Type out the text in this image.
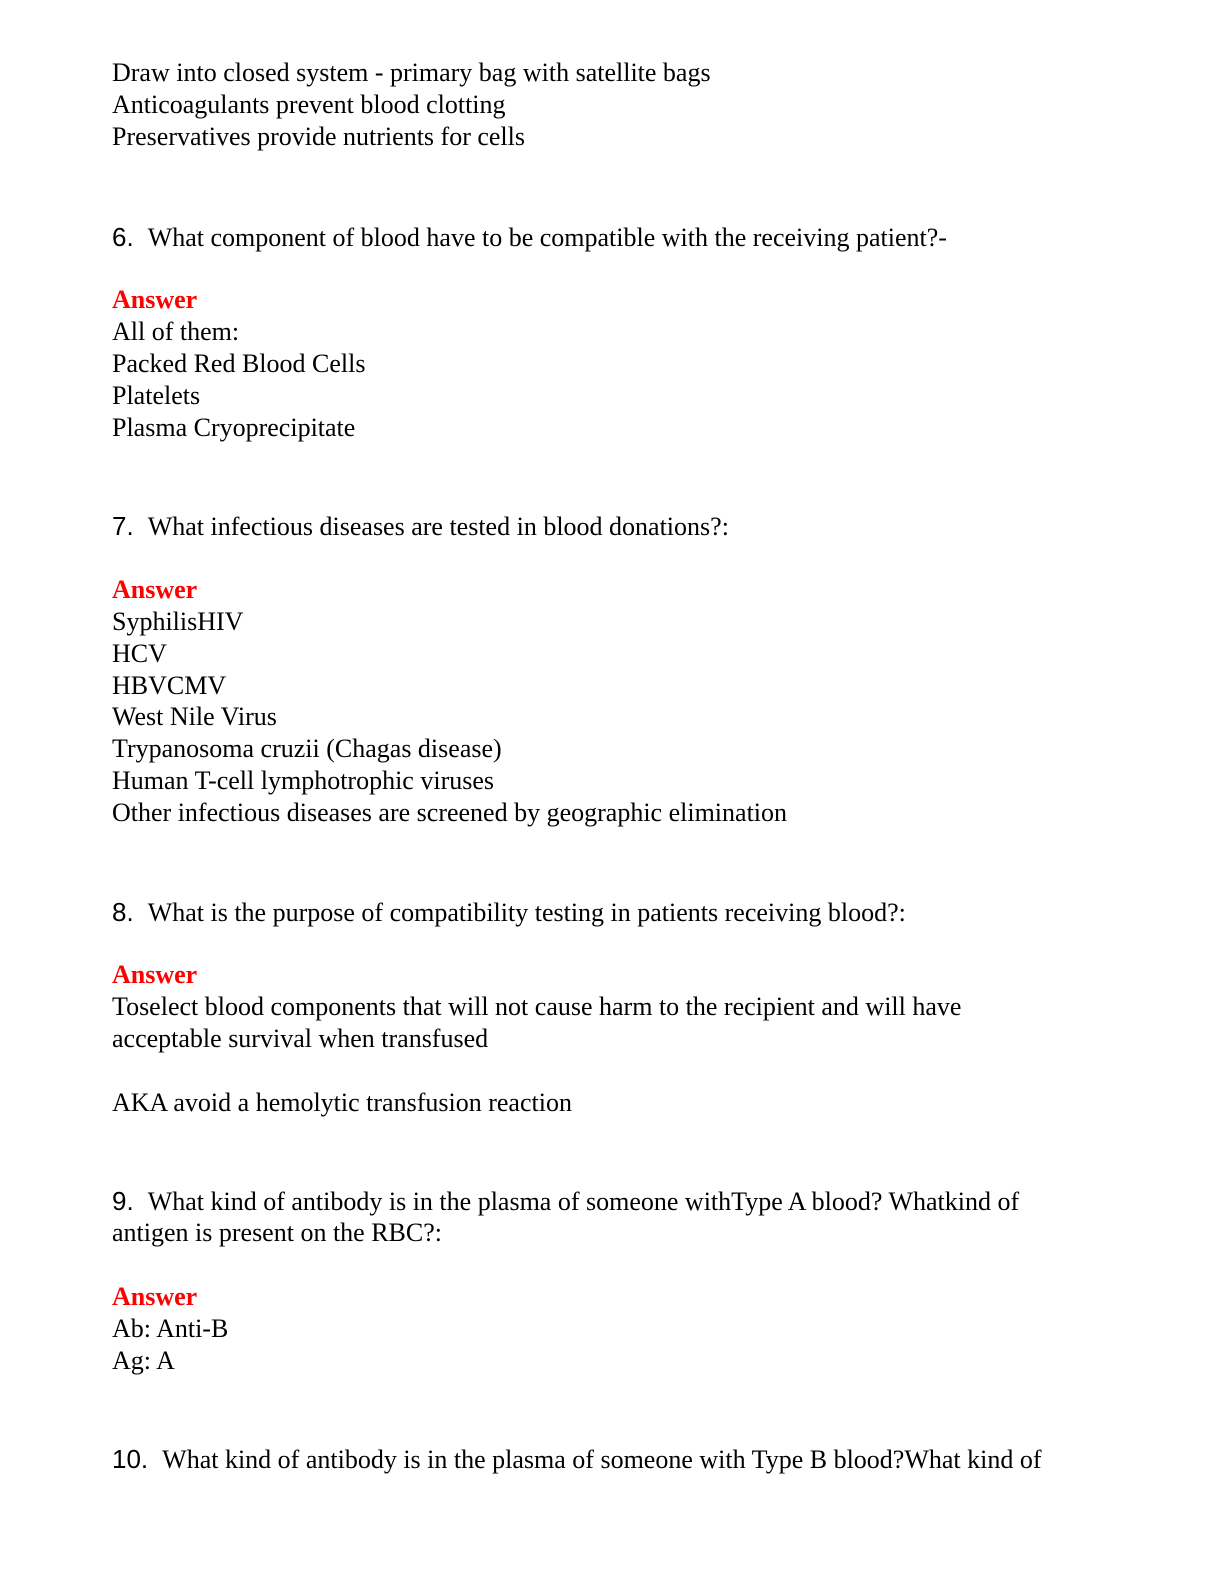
Draw into closed system - primary bag with satellite bags
Anticoagulants prevent blood clotting
Preservatives provide nutrients for cells
6. What component of blood have to be compatible with the receiving patient?-
Answer
All of them:
Packed Red Blood Cells
Platelets
Plasma Cryoprecipitate
7. What infectious diseases are tested in blood donations?:
Answer
SyphilisHIV
HCV
HBVCMV
West Nile Virus
Trypanosoma cruzii (Chagas disease)
Human T-cell lymphotrophic viruses
Other infectious diseases are screened by geographic elimination
8. What is the purpose of compatibility testing in patients receiving blood?:
Answer
Toselect blood components that will not cause harm to the recipient and will have
acceptable survival when transfused
AKA avoid a hemolytic transfusion reaction
9. What kind of antibody is in the plasma of someone withType A blood? Whatkind of
antigen is present on the RBC?:
Answer
Ab: Anti-B
Ag: A
10. What kind of antibody is in the plasma of someone with Type B blood?What kind of
